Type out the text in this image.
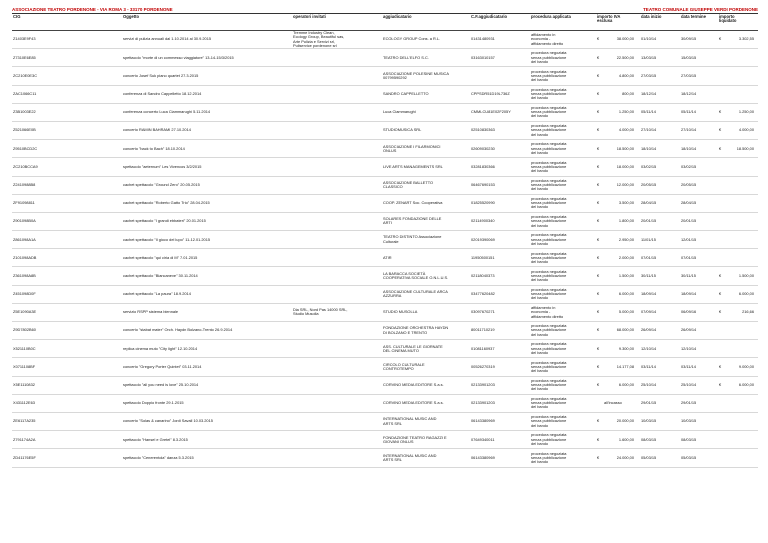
ASSOCIAZIONE TEATRO PORDENONE - VIA ROMA 3 - 33170 PORDENONE	TEATRO COMUNALE GIUSEPPE VERDI PORDENONE
CIG	Oggetto	operatori invitati	aggiudicatario	C.F.aggiudicatario	procedura applicata	importo IVA
esclusa	data inizio	data termine	importo
liquidato
Z1403E9F43	servizi di pulizia annuali dal 1.10.2014 al 30.9.2015	Tremme Industry Clean,
Ecology Group, Beautiful sas,
Arte Pulizia e Servizi srl,
Puliservice pordenone srl	ECOLOGY GROUP Cons. a R.L.	01431480931	affidamento in
economia -
affidamento diretto	€ 38.000,00	01/10/14	30/09/15	€ 3.302,55
Z7310E6E85	spettacolo "morte di un commesso viaggiatore" 13-14-15/3/2015		TEATRO DELL'ELFO S.C.	03163010157	procedura negoziata
senza pubblicazione
del bando	€ 22.500,00	13/03/15	15/03/15	
ZC210E0E3C	concerto Josef Suk piano quartet 27.3.2015		ASSOCIAZIONE POLESINE MUSICA 00799590292		procedura negoziata
senza pubblicazione
del bando	€ 4.800,00	27/03/15	27/03/15	
ZAC1066C11	conferenza di Sandro Cappelletto 18.12.2014		SANDRO CAPPELLETTO	CPPSDR51D19L736Z	procedura negoziata
senza pubblicazione
del bando	€ 800,00	18/12/14	18/12/14	
Z3B1003E22	conferenza concerto Luca Ciammarughi 5.11.2014		Luca Ciammarughi	CMMLCU81E02F205Y	procedura negoziata
senza pubblicazione
del bando	€ 1.250,00	05/11/14	05/11/14	€ 1.250,00
Z521066E0B	concerto RAMIN BAHRAMI 27.10.2014		STUDIOMUSICA SRL	02510830363	procedura negoziata
senza pubblicazione
del bando	€ 4.000,00	27/10/14	27/10/14	€ 4.000,00
Z9510BCD2C	concerto "back to Bach" 18.10.2014		ASSOCIAZIONE I FILARMONICI
ONLUS	02609030230	procedura negoziata
senza pubblicazione
del bando	€ 18.500,00	18/10/14	18/10/14	€ 18.500,00
ZC210BCCA9	spettacolo "aeternum" Les Vivencos 3/2/2015		LIVE ARTS MANAGEMENTS SRL	03281830366	procedura negoziata
senza pubblicazione
del bando	€ 18.000,00	03/02/15	03/02/15	
Z2410988B8	cachet spettacolo "Ground Zero" 20.05.2015		ASSOCIAZIONE BALLETTO
CLASSICO	06467690153	procedura negoziata
senza pubblicazione
del bando	€ 12.000,00	20/05/15	20/05/15	
ZF91098811	cachet spettacolo "Roberto Gatto Trio" 28.04.2015		COOP. ZENART Soc. Cooperativa	01825520990	procedura negoziata
senza pubblicazione
del bando	€ 3.500,00	28/04/15	28/04/15	
Z901098B0A	cachet spettacolo "I grandi ebbateri" 20.01.2015		SOLARES FONDAZIONE DELLE
ARTI	02114900340	procedura negoziata
senza pubblicazione
del bando	€ 1.800,00	20/01/15	20/01/15	
Z861098A1A	cachet spettacolo "Il gioco del lupo" 11-12.01.2015		TEATRO DISTINTO Associazione
Culturale	02019390069	procedura negoziata
senza pubblicazione
del bando	€ 2.950,00	11/01/15	12/01/15	
Z101098ADB	cachet spettacolo "qui ciria di M" 7.01.2015		ATIR	11950500151	procedura negoziata
senza pubblicazione
del bando	€ 2.000,00	07/01/15	07/01/15	
Z361098A8B	cachet spettacolo "Biancaneve" 30.11.2014		LA BARACCA SOCIETÀ
COOPERATIVA SOCIALE O.N.L.U.S.	02118040373	procedura negoziata
senza pubblicazione
del bando	€ 1.500,00	30/11/15	30/11/15	€ 1.500,00
Z451098D0F	cachet spettacolo "La paura" 18.9.2014		ASSOCIAZIONE CULTURALE ARCA
AZZURRA	03477620482	procedura negoziata
senza pubblicazione
del bando	€ 6.000,00	18/09/14	18/09/14	€ 6.000,00
Z5E1090A3E	servizio RSPP sistema biennale	Dia SRL, Nord Pas 14000 SRL,
Studio Musolla	STUDIO MUSOLLA	03097670271	affidamento in
economia -
affidamento diretto	€ 5.000,00	07/09/14	06/09/16	€ 216,66
Z9D7802B60	concerto "stabat mater" Orch. Haydn Bolzano-Trento 26.9.2014		FONDAZIONE ORCHESTRA HAYDN
DI BOLZANO E TRENTO	80011710219	procedura negoziata
senza pubblicazione
del bando	€ 68.000,00	26/09/14	26/09/14	
X521110B0C	replica cinema muto "City light" 12.10.2014		ASS. CULTURALE LE GIORNATE
DEL CINEMA MUTO	01081160937	procedura negoziata
senza pubblicazione
del bando	€ 9.300,00	12/10/14	12/10/14	
X0711108BF	concerto "Gregory Porter Quintet" 03.11.2014		CIRCOLO CULTURALE
CONTROTEMPO	00526270319	procedura negoziata
senza pubblicazione
del bando	€ 14.177,08	03/11/14	03/11/14	€ 9.000,00
X5E1110832	spettacolo "all you need is love" 25.10.2014		CORVINO MEDIA EDITORE S.a.s.	02133901203	procedura negoziata
senza pubblicazione
del bando	€ 6.000,00	25/10/14	25/10/14	€ 6.000,00
X431112E63	spettacolo Doppio fronte 29.1.2015		CORVINO MEDIA EDITORE S.a.s.	02133901203	procedura negoziata
senza pubblicazione
del bando	all'incasso	29/01/15	29/01/15	
ZE6117A235	concerto "Solas & canarino" Jordi Savall 10.03.2015		INTERNATIONAL MUSIC AND
ARTS SRL	06143380969	procedura negoziata
senza pubblicazione
del bando	€ 20.000,00	10/03/15	10/03/15	
Z791174A2A	spettacolo "Hansel e Gretel" 8.3.2015		FONDAZIONE TEATRO RAGAZZI E
GIOVANI ONLUS	07649340011	procedura negoziata
senza pubblicazione
del bando	€ 1.600,00	08/03/15	08/03/15	
ZD41176E5F	spettacolo "Cenerentola" danza 5.3.2015		INTERNATIONAL MUSIC AND
ARTS SRL	06143380969	procedura negoziata
senza pubblicazione
del bando	€ 24.000,00	05/03/15	05/03/15	
